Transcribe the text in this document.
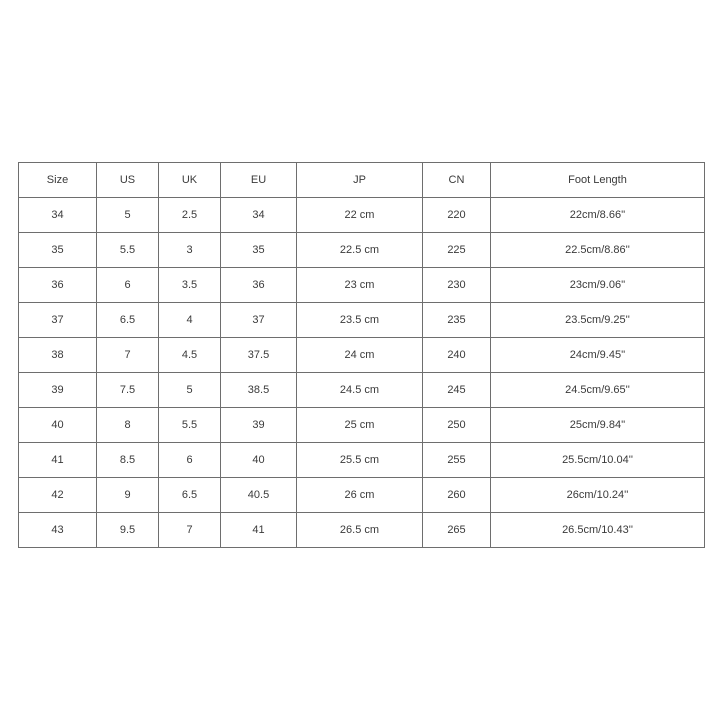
Size	US	UK	EU	JP	CN	Foot Length
34	5	2.5	34	22 cm	220	22cm/8.66''
35	5.5	3	35	22.5 cm	225	22.5cm/8.86''
36	6	3.5	36	23 cm	230	23cm/9.06''
37	6.5	4	37	23.5 cm	235	23.5cm/9.25''
38	7	4.5	37.5	24 cm	240	24cm/9.45''
39	7.5	5	38.5	24.5 cm	245	24.5cm/9.65''
40	8	5.5	39	25 cm	250	25cm/9.84''
41	8.5	6	40	25.5 cm	255	25.5cm/10.04''
42	9	6.5	40.5	26 cm	260	26cm/10.24''
43	9.5	7	41	26.5 cm	265	26.5cm/10.43''
